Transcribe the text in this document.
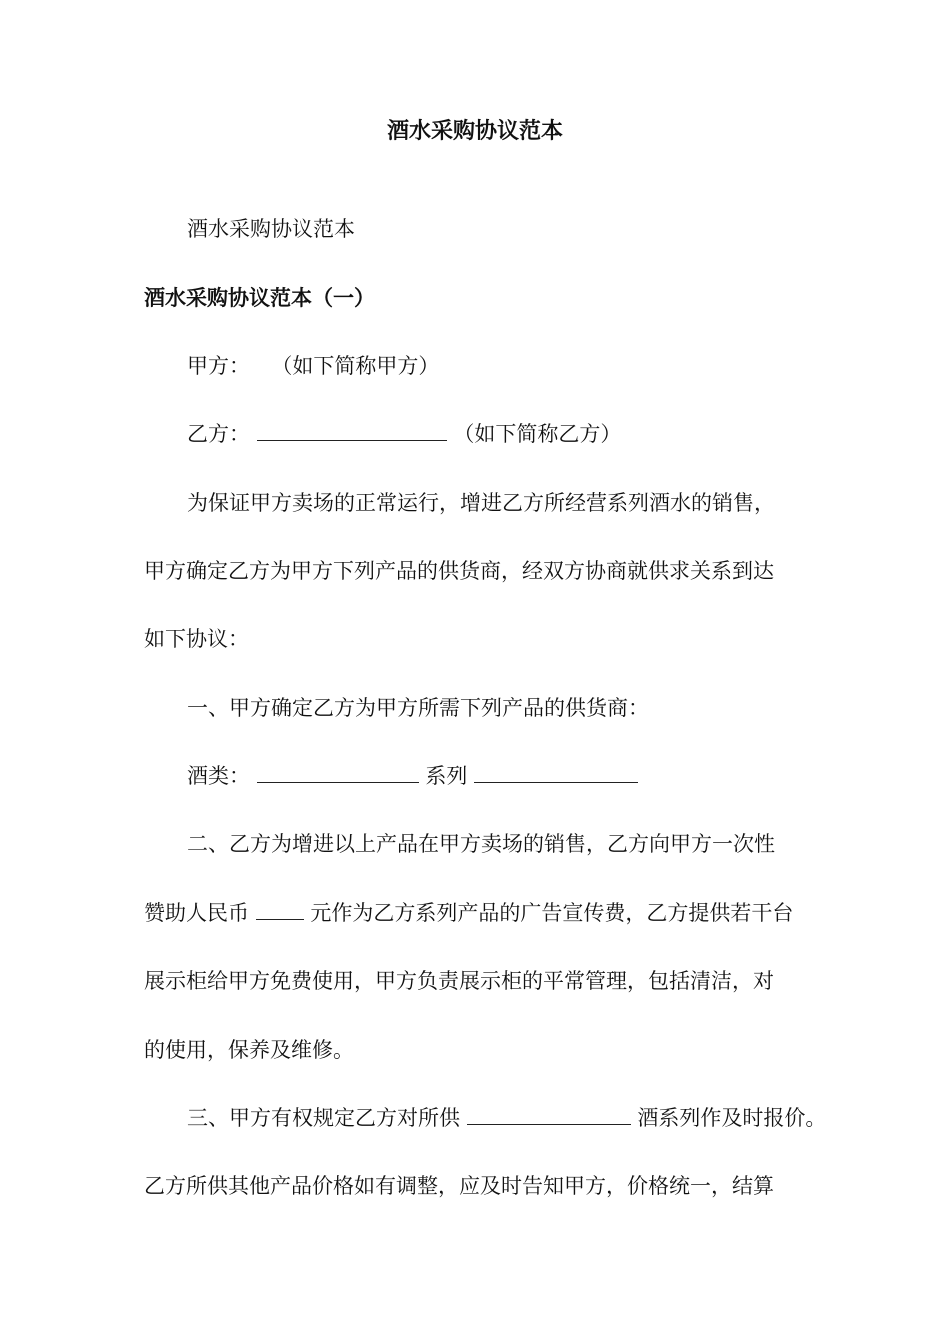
酒水采购协议范本
酒水采购协议范本
酒水采购协议范本（一）
甲方： （如下简称甲方）
乙方：	（如下简称乙方）
为保证甲方卖场的正常运行，增进乙方所经营系列酒水的销售，
甲方确定乙方为甲方下列产品的供货商，经双方协商就供求关系到达
如下协议：
一、甲方确定乙方为甲方所需下列产品的供货商：
酒类：	系列
二、乙方为增进以上产品在甲方卖场的销售，乙方向甲方一次性
赞助人民币	元作为乙方系列产品的广告宣传费，乙方提供若干台
展示柜给甲方免费使用，甲方负责展示柜的平常管理，包括清洁，对
的使用，保养及维修。
三、甲方有权规定乙方对所供	酒系列作及时报价。
乙方所供其他产品价格如有调整，应及时告知甲方，价格统一，结算
